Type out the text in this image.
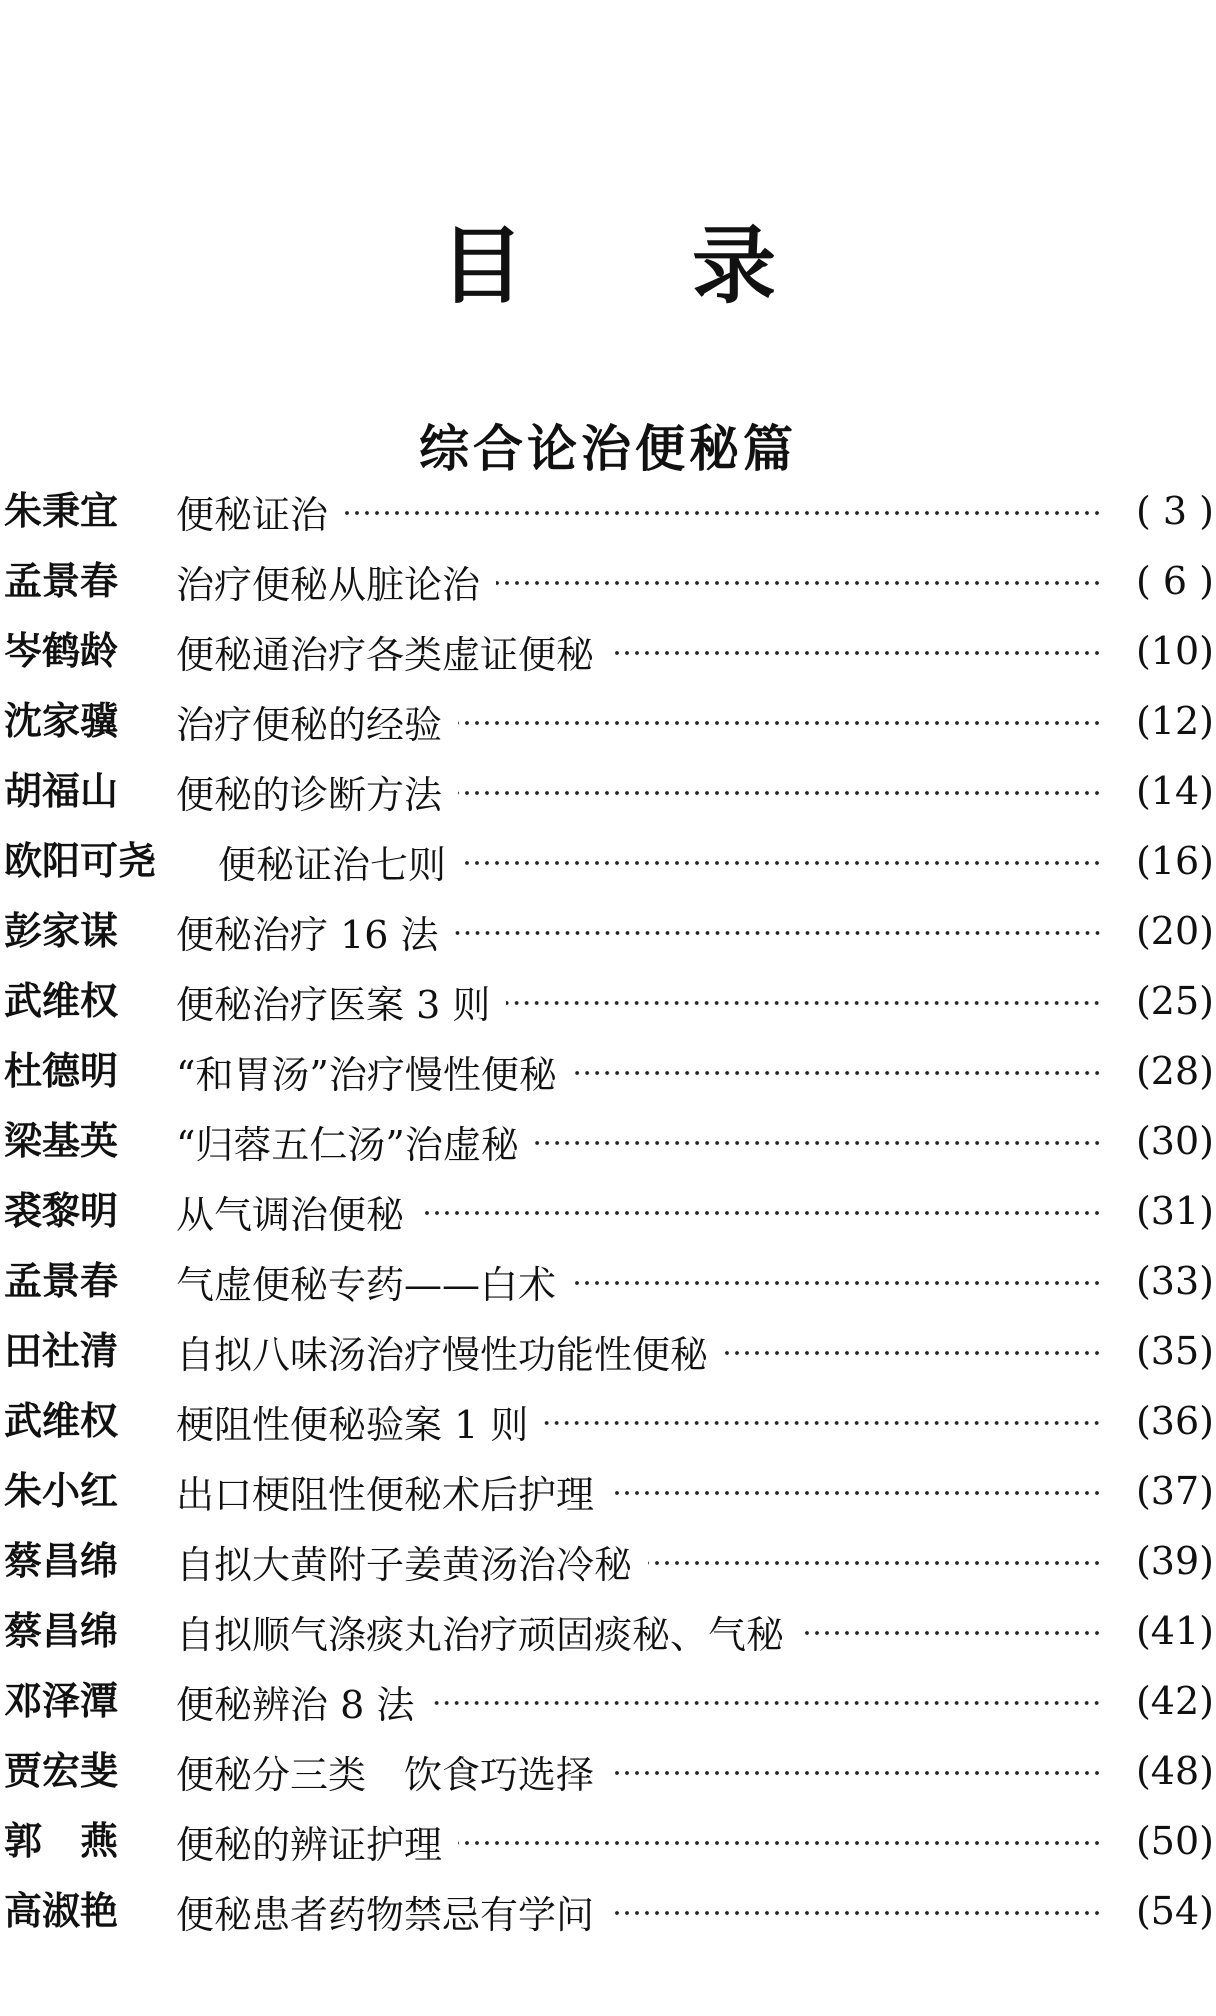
目 录
综合论治便秘篇
朱秉宜 便秘证治	( 3 )
孟景春 治疗便秘从脏论治	( 6 )
岑鹤龄 便秘通治疗各类虚证便秘	(10)
沈家骥 治疗便秘的经验	(12)
胡福山 便秘的诊断方法	(14)
欧阳可尧 便秘证治七则	(16)
彭家谋 便秘治疗 16 法	(20)
武维权 便秘治疗医案 3 则	(25)
杜德明 “和胃汤”治疗慢性便秘	(28)
梁基英 “归蓉五仁汤”治虚秘	(30)
裘黎明 从气调治便秘	(31)
孟景春 气虚便秘专药——白术	(33)
田社清 自拟八味汤治疗慢性功能性便秘	(35)
武维权 梗阻性便秘验案 1 则	(36)
朱小红 出口梗阻性便秘术后护理	(37)
蔡昌绵 自拟大黄附子姜黄汤治冷秘	(39)
蔡昌绵 自拟顺气涤痰丸治疗顽固痰秘、气秘	(41)
邓泽潭 便秘辨治 8 法	(42)
贾宏斐 便秘分三类　饮食巧选择	(48)
郭　燕 便秘的辨证护理	(50)
高淑艳 便秘患者药物禁忌有学问	(54)
